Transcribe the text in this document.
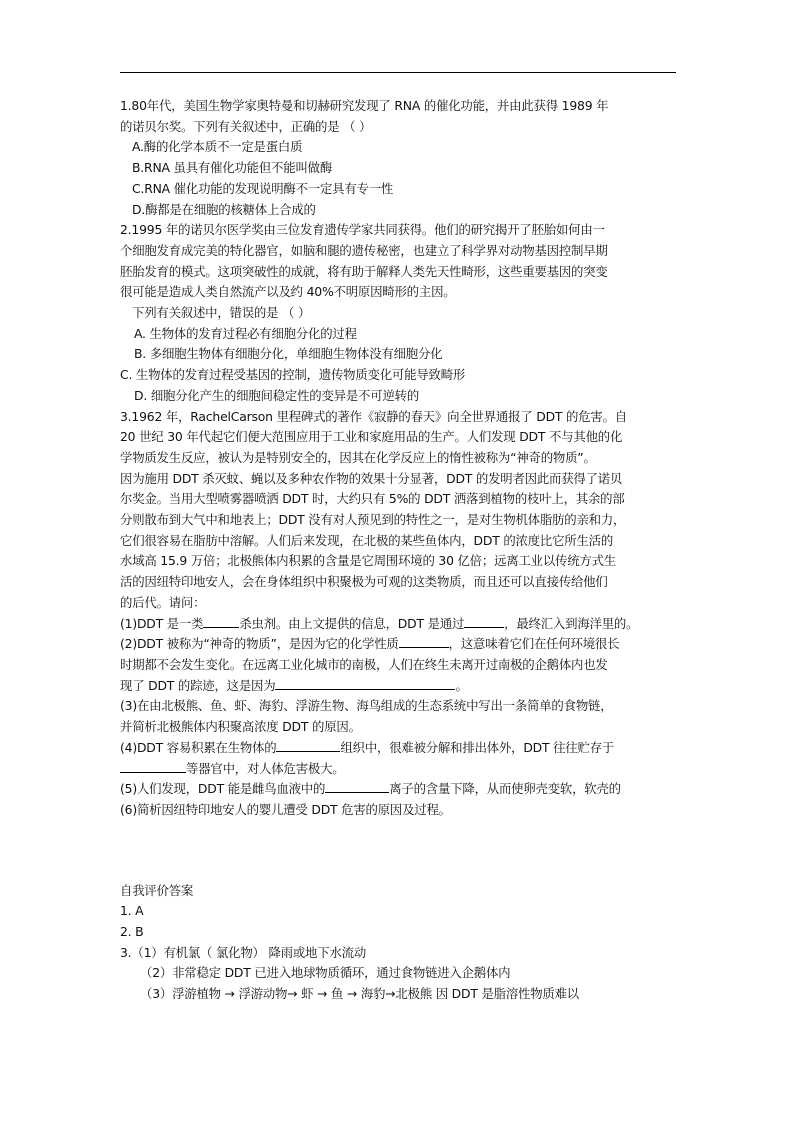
1.80年代，美国生物学家奥特曼和切赫研究发现了 RNA 的催化功能，并由此获得 1989 年

的诺贝尔奖。下列有关叙述中，正确的是 （ ）

A.酶的化学本质不一定是蛋白质

B.RNA 虽具有催化功能但不能叫做酶

C.RNA 催化功能的发现说明酶不一定具有专一性

D.酶都是在细胞的核糖体上合成的

2.1995 年的诺贝尔医学奖由三位发育遗传学家共同获得。他们的研究揭开了胚胎如何由一

个细胞发育成完美的特化器官，如脑和腿的遗传秘密，也建立了科学界对动物基因控制早期

胚胎发育的模式。这项突破性的成就，将有助于解释人类先天性畸形，这些重要基因的突变

很可能是造成人类自然流产以及约 40%不明原因畸形的主因。

下列有关叙述中，错误的是 （ ）

A. 生物体的发育过程必有细胞分化的过程

B. 多细胞生物体有细胞分化，单细胞生物体没有细胞分化

C. 生物体的发育过程受基因的控制，遗传物质变化可能导致畸形

D. 细胞分化产生的细胞间稳定性的变异是不可逆转的

3.1962 年，RachelCarson 里程碑式的著作《寂静的春天》向全世界通报了 DDT 的危害。自

20 世纪 30 年代起它们便大范围应用于工业和家庭用品的生产。人们发现 DDT 不与其他的化

学物质发生反应，被认为是特别安全的，因其在化学反应上的惰性被称为“神奇的物质”。

因为施用 DDT 杀灭蚊、蝇以及多种农作物的效果十分显著，DDT 的发明者因此而获得了诺贝

尔奖金。当用大型喷雾器喷洒 DDT 时，大约只有 5%的 DDT 洒落到植物的枝叶上，其余的部

分则散布到大气中和地表上；DDT 没有对人预见到的特性之一，是对生物机体脂肪的亲和力，

它们很容易在脂肪中溶解。人们后来发现，在北极的某些鱼体内，DDT 的浓度比它所生活的

水域高 15.9 万倍；北极熊体内积累的含量是它周围环境的 30 亿倍；远离工业以传统方式生

活的因纽特印地安人，会在身体组织中积聚极为可观的这类物质，而且还可以直接传给他们

的后代。请问：

(1)DDT 是一类	杀虫剂。由上文提供的信息，DDT 是通过	，最终汇入到海洋里的。

(2)DDT 被称为“神奇的物质”，是因为它的化学性质	，这意味着它们在任何环境很长

时期都不会发生变化。在远离工业化城市的南极，人们在终生未离开过南极的企鹅体内也发

现了 DDT 的踪迹，这是因为	。

(3)在由北极熊、鱼、虾、海豹、浮游生物、海鸟组成的生态系统中写出一条简单的食物链，

并简析北极熊体内积聚高浓度 DDT 的原因。

(4)DDT 容易积累在生物体的	组织中，很难被分解和排出体外，DDT 往往贮存于

等器官中，对人体危害极大。

(5)人们发现，DDT 能是雌鸟血液中的	离子的含量下降，从而使卵壳变软，软壳的

(6)简析因纽特印地安人的婴儿遭受 DDT 危害的原因及过程。

自我评价答案

1. A

2. B

3.（1）有机氯（ 氯化物） 降雨或地下水流动

（2）非常稳定 DDT 已进入地球物质循环，通过食物链进入企鹅体内

（3）浮游植物 → 浮游动物→ 虾 → 鱼 → 海豹→北极熊 因 DDT 是脂溶性物质难以
